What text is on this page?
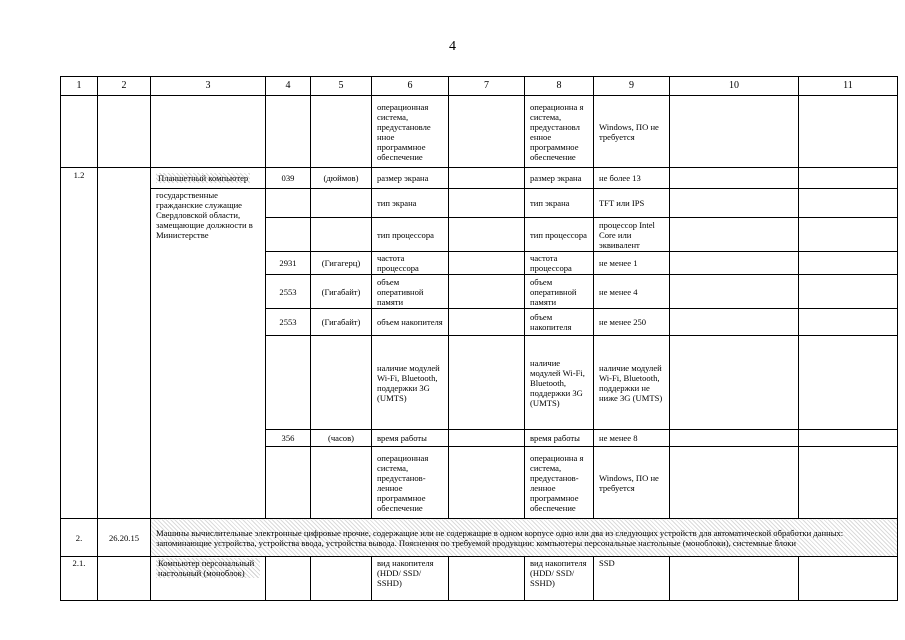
4
1	2	3	4	5	6	7	8	9	10	11
					операционная система, предустановле нное программное обеспечение		операционна я система, предустановл енное программное обеспечение	Windows, ПО не требуется		
1.2		Планшетный компьютер	039	(дюймов)	размер экрана		размер экрана	не более 13		
		государственные гражданские служащие Свердловской области, замещающие должности в Министерстве			тип экрана		тип экрана	TFT или IPS		
					тип процессора		тип процессора	процессор Intel Core или эквивалент		
			2931	(Гигагерц)	частота процессора		частота процессора	не менее 1		
			2553	(Гигабайт)	объем оперативной памяти		объем оперативной памяти	не менее 4		
			2553	(Гигабайт)	объем накопителя		объем накопителя	не менее 250		
					наличие модулей Wi-Fi, Bluetooth, поддержки 3G (UMTS)		наличие модулей Wi-Fi, Bluetooth, поддержки 3G (UMTS)	наличие модулей Wi-Fi, Bluetooth, поддержки не ниже 3G (UMTS)		
			356	(часов)	время работы		время работы	не менее 8		
					операционная система, предустанов-ленное программное обеспечение		операционна я система, предустанов-ленное программное обеспечение	Windows, ПО не требуется		
2.	26.20.15	Машины вычислительные электронные цифровые прочие, содержащие или не содержащие в одном корпусе одно или два из следующих устройств для автоматической обработки данных: запоминающие устройства, устройства ввода, устройства вывода. Пояснения по требуемой продукции: компьютеры персональные настольные (моноблоки), системные блоки								
2.1.		Компьютер персональный настольный (моноблок)			вид накопителя (HDD/ SSD/ SSHD)		вид накопителя (HDD/ SSD/ SSHD)	SSD		
